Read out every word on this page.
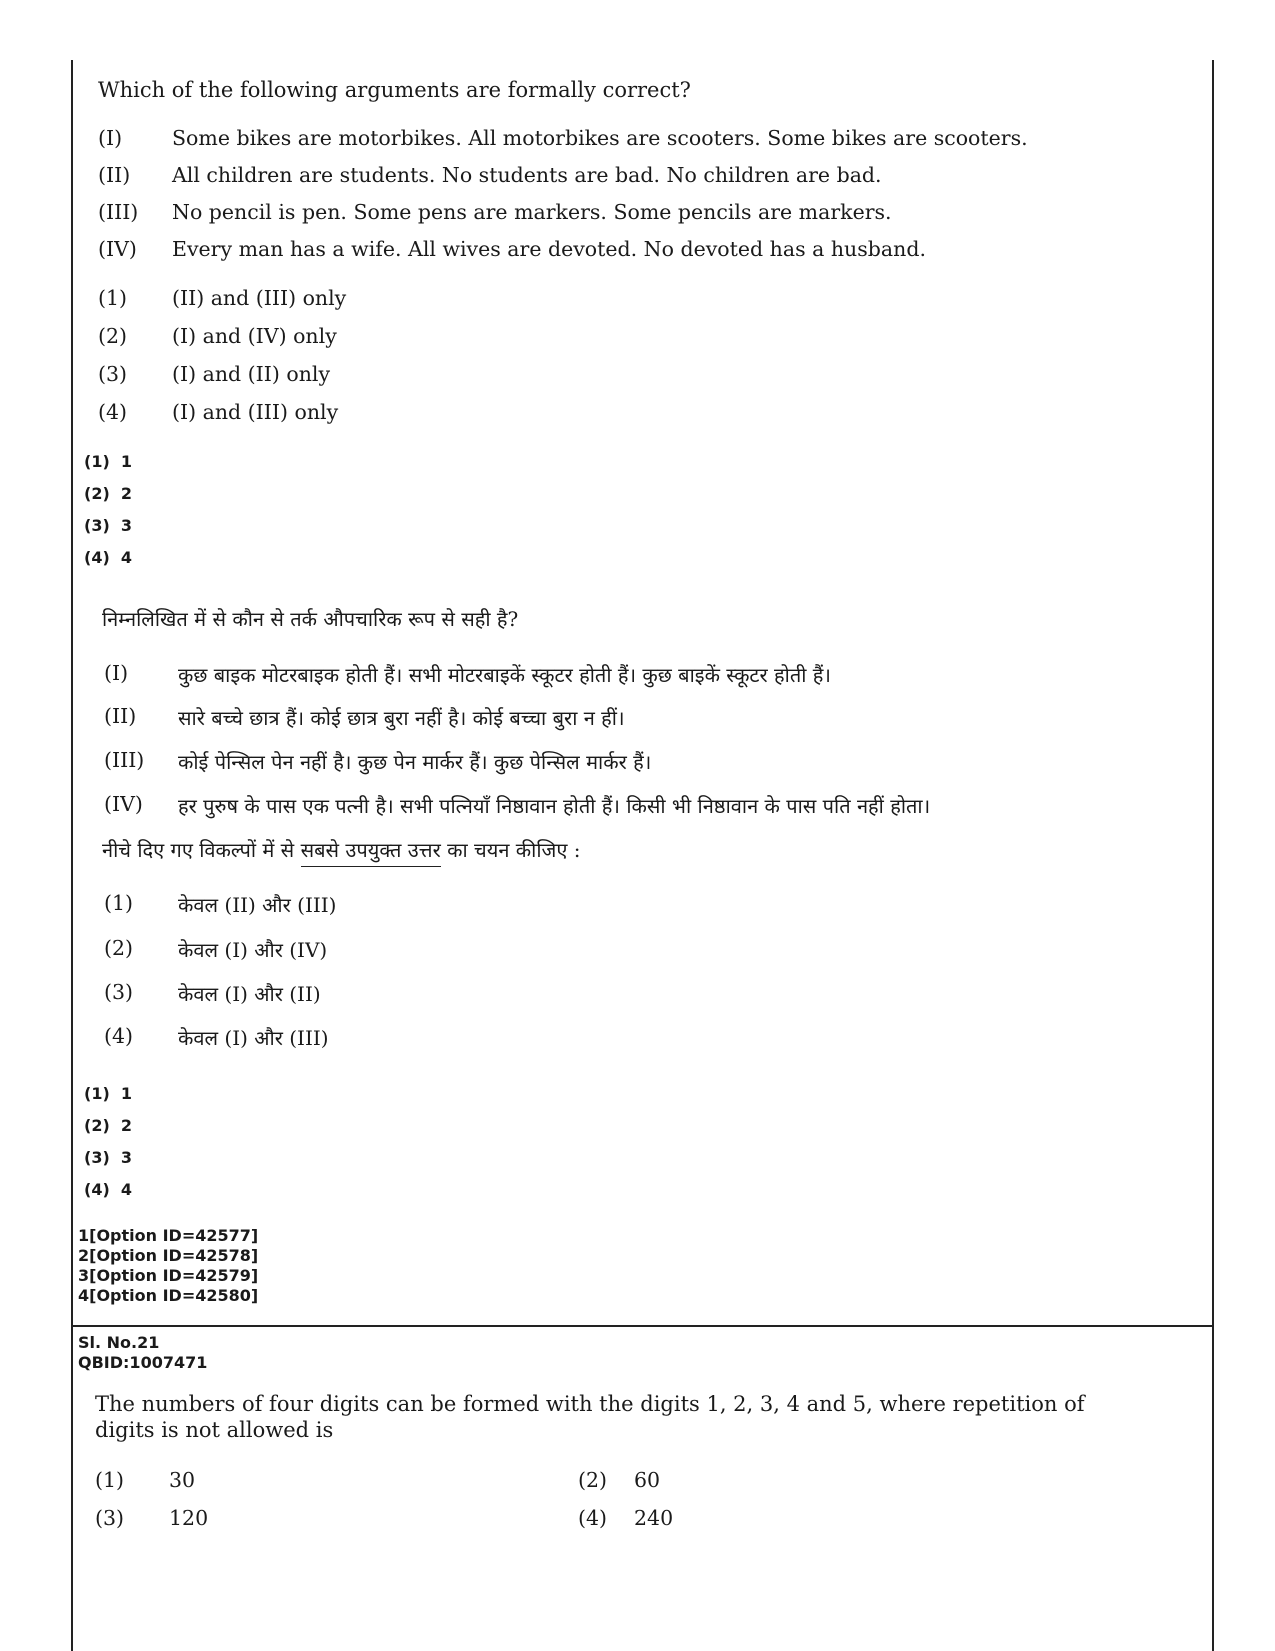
Which of the following arguments are formally correct?
(I) Some bikes are motorbikes. All motorbikes are scooters. Some bikes are scooters.
(II) All children are students. No students are bad. No children are bad.
(III) No pencil is pen. Some pens are markers. Some pencils are markers.
(IV) Every man has a wife. All wives are devoted. No devoted has a husband.
(1) (II) and (III) only
(2) (I) and (IV) only
(3) (I) and (II) only
(4) (I) and (III) only
(1)  1
(2)  2
(3)  3
(4)  4
निम्नलिखित में से कौन से तर्क औपचारिक रूप से सही है?
(I) कुछ बाइक मोटरबाइक होती हैं। सभी मोटरबाइकें स्कूटर होती हैं। कुछ बाइकें स्कूटर होती हैं।
(II) सारे बच्चे छात्र हैं। कोई छात्र बुरा नहीं है। कोई बच्चा बुरा न हीं।
(III) कोई पेन्सिल पेन नहीं है। कुछ पेन मार्कर हैं। कुछ पेन्सिल मार्कर हैं।
(IV) हर पुरुष के पास एक पत्नी है। सभी पत्नियाँ निष्ठावान होती हैं। किसी भी निष्ठावान के पास पति नहीं होता।
नीचे दिए गए विकल्पों में से सबसे उपयुक्त उत्तर का चयन कीजिए :
(1) केवल (II) और (III)
(2) केवल (I) और (IV)
(3) केवल (I) और (II)
(4) केवल (I) और (III)
(1)  1
(2)  2
(3)  3
(4)  4
1[Option ID=42577]
2[Option ID=42578]
3[Option ID=42579]
4[Option ID=42580]
Sl. No.21
QBID:1007471
The numbers of four digits can be formed with the digits 1, 2, 3, 4 and 5, where repetition of
digits is not allowed is
(1) 30	(2) 60
(3) 120	(4) 240
